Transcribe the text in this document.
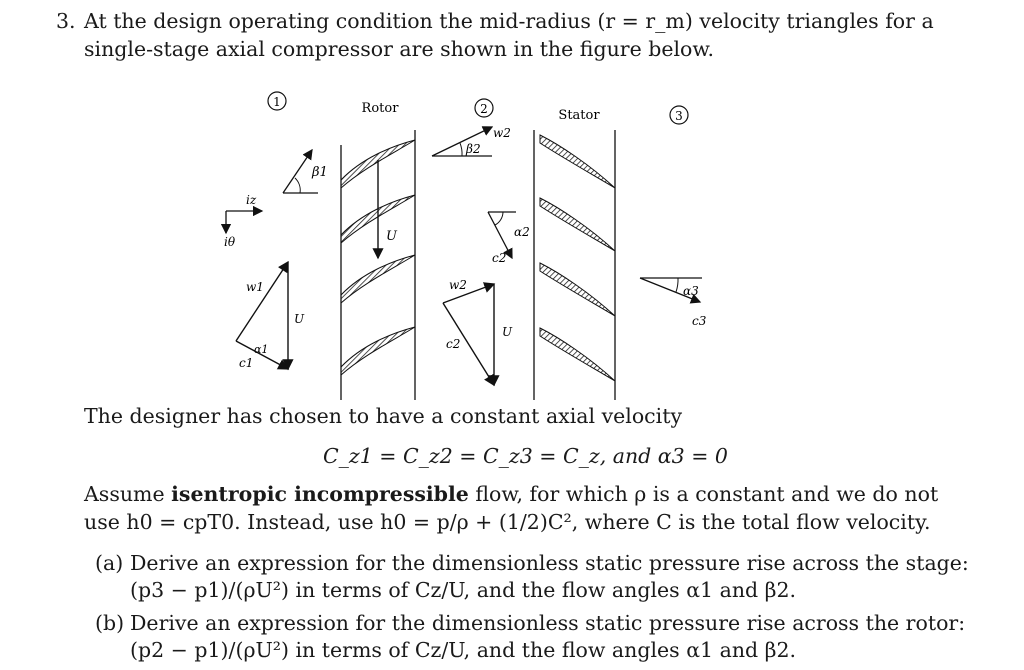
3. At the design operating condition the mid-radius (r = r_m) velocity triangles for a
single-stage axial compressor are shown in the figure below.
1	2	3
Rotor	Stator
U
iz
iθ
β1
w1
U
c1
α1
w2
β2
α2
c2
w2
U
c2
α3
c3
The designer has chosen to have a constant axial velocity
C_z1 = C_z2 = C_z3 = C_z, and α3 = 0
Assume isentropic incompressible flow, for which ρ is a constant and we do not
use h0 = cpT0. Instead, use h0 = p/ρ + (1/2)C², where C is the total flow velocity.
(a) Derive an expression for the dimensionless static pressure rise across the stage:
(p3 − p1)/(ρU²) in terms of Cz/U, and the flow angles α1 and β2.
(b) Derive an expression for the dimensionless static pressure rise across the rotor:
(p2 − p1)/(ρU²) in terms of Cz/U, and the flow angles α1 and β2.
